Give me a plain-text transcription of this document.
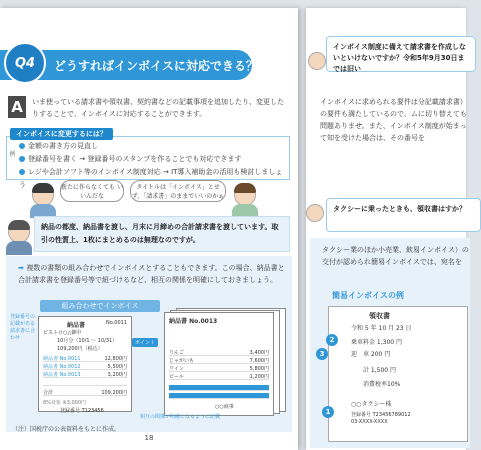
Q4	どうすればインボイスに対応できる？
A	いま使っている請求書や領収書、契約書などの記載事項を追加したり、変更したりすることで、インボイスに対応することができます。
インボイスに変更するには？
例
金額の書き方の見直し
登録番号を書く → 登録番号のスタンプを作ることでも対応できます
レジや会計ソフト等のインボイス制度対応 → IT導入補助金の活用も検討しましょう	新たに作らなくても いいんだな
タイトルは「インボイス」とせず、「請求書」のままでいいのかぁ
納品の都度、納品書を渡し、月末に月締めの合計請求書を渡しています。取引の性質上、1枚にまとめるのは無理なのですが。
➡ 複数の書類の組み合わせでインボイスとすることもできます。この場合、納品書と合計請求書を登録番号等で紐づけるなど、相互の関係を明確にしておきましょう。
組み合わせでインボイス
納品書	No.0011
ビストロ○△御中
10月分（10/1 〜 10/31）
109,200円（税込）
納品書 No.0011	12,800円
納品書 No.0012	5,500円
納品書 No.0013	3,200円
合計	109,200円
8%対象 ※3,000円
登録番号の記載がある請求書に合わせ
ポイント
納品書 No.0013
りんご	3,400円
じゃがいも	7,600円
ワイン	5,800円
ビール	1,200円
○○商事
相互の関係が明確になるように記載
登録番号 T123456
（注）国税庁の公表資料をもとに作成。
18
インボイス制度に備えて請求書を作成しないといけないですか？令和5年9月30日までは旧い
インボイスに求められる要件は分記載請求書）の要件も満たしているので、ムに切り替えても問題ありませ。また、インボイス制度が始まって知を受けた場合は、その番号を
タクシーに乗ったときも、領収書はすか？
タクシー業のほか小売業、飲易インボイス）の交付が認められ簡易インボイスでは、宛名を
簡易インボイスの例
領収書
令和 5 年 10 月 23 日
乗車料金 1,300 円
迎　車 200 円
計 1,500 円
消費税率10%
○○タクシー株
登録番号 T23456789012
03-XXXX-XXXX
2
3
1
